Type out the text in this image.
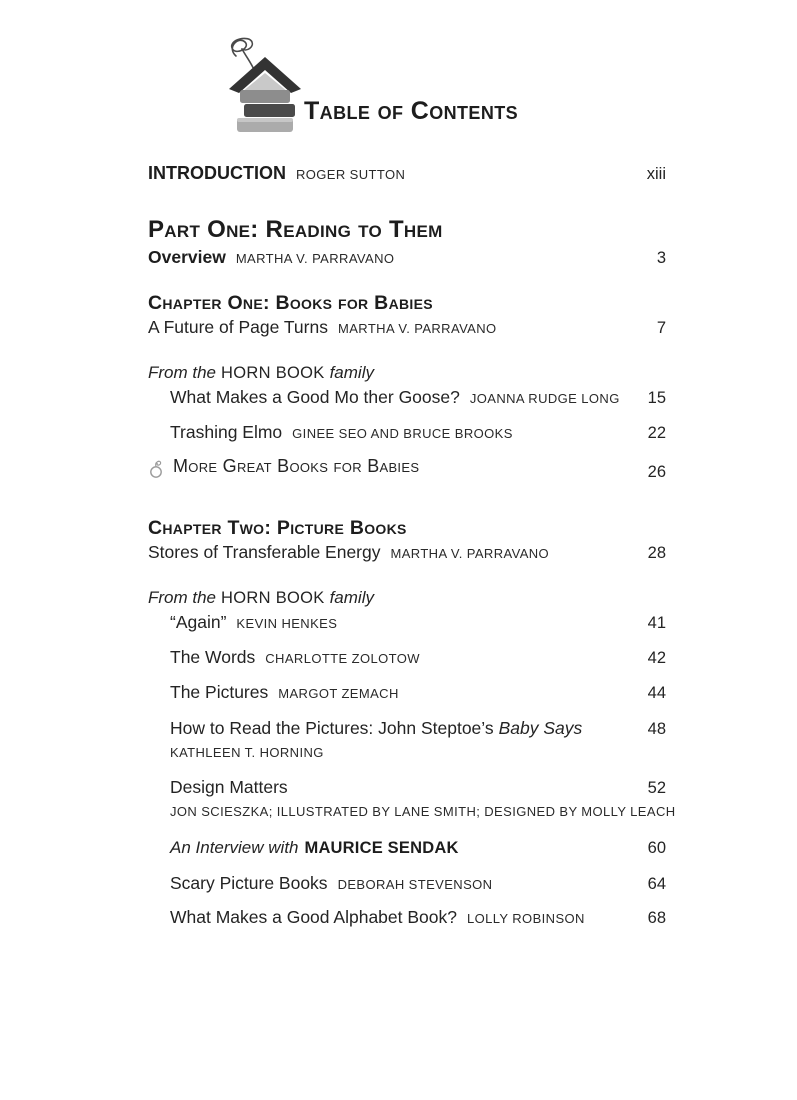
Table of Contents
INTRODUCTION ROGER SUTTON	xiii
Part One: Reading to Them
Overview MARTHA V. PARRAVANO	3
Chapter One: Books for Babies
A Future of Page Turns MARTHA V. PARRAVANO	7
From the HORN BOOK family
What Makes a Good Mo ther Goose? JOANNA RUDGE LONG 15
Trashing Elmo GINEE SEO AND BRUCE BROOKS	22
More Great Books for Babies	26
Chapter Two: Picture Books
Stores of Transferable Energy MARTHA V. PARRAVANO	28
From the HORN BOOK family
“Again” KEVIN HENKES	41
The Words CHARLOTTE ZOLOTOW	42
The Pictures MARGOT ZEMACH	44
How to Read the Pictures: John Steptoe’s Baby Says	48
KATHLEEN T. HORNING
Design Matters	52
JON SCIESZKA; ILLUSTRATED BY LANE SMITH; DESIGNED BY MOLLY LEACH
An Interview with MAURICE SENDAK	60
Scary Picture Books DEBORAH STEVENSON	64
What Makes a Good Alphabet Book? LOLLY ROBINSON	68
